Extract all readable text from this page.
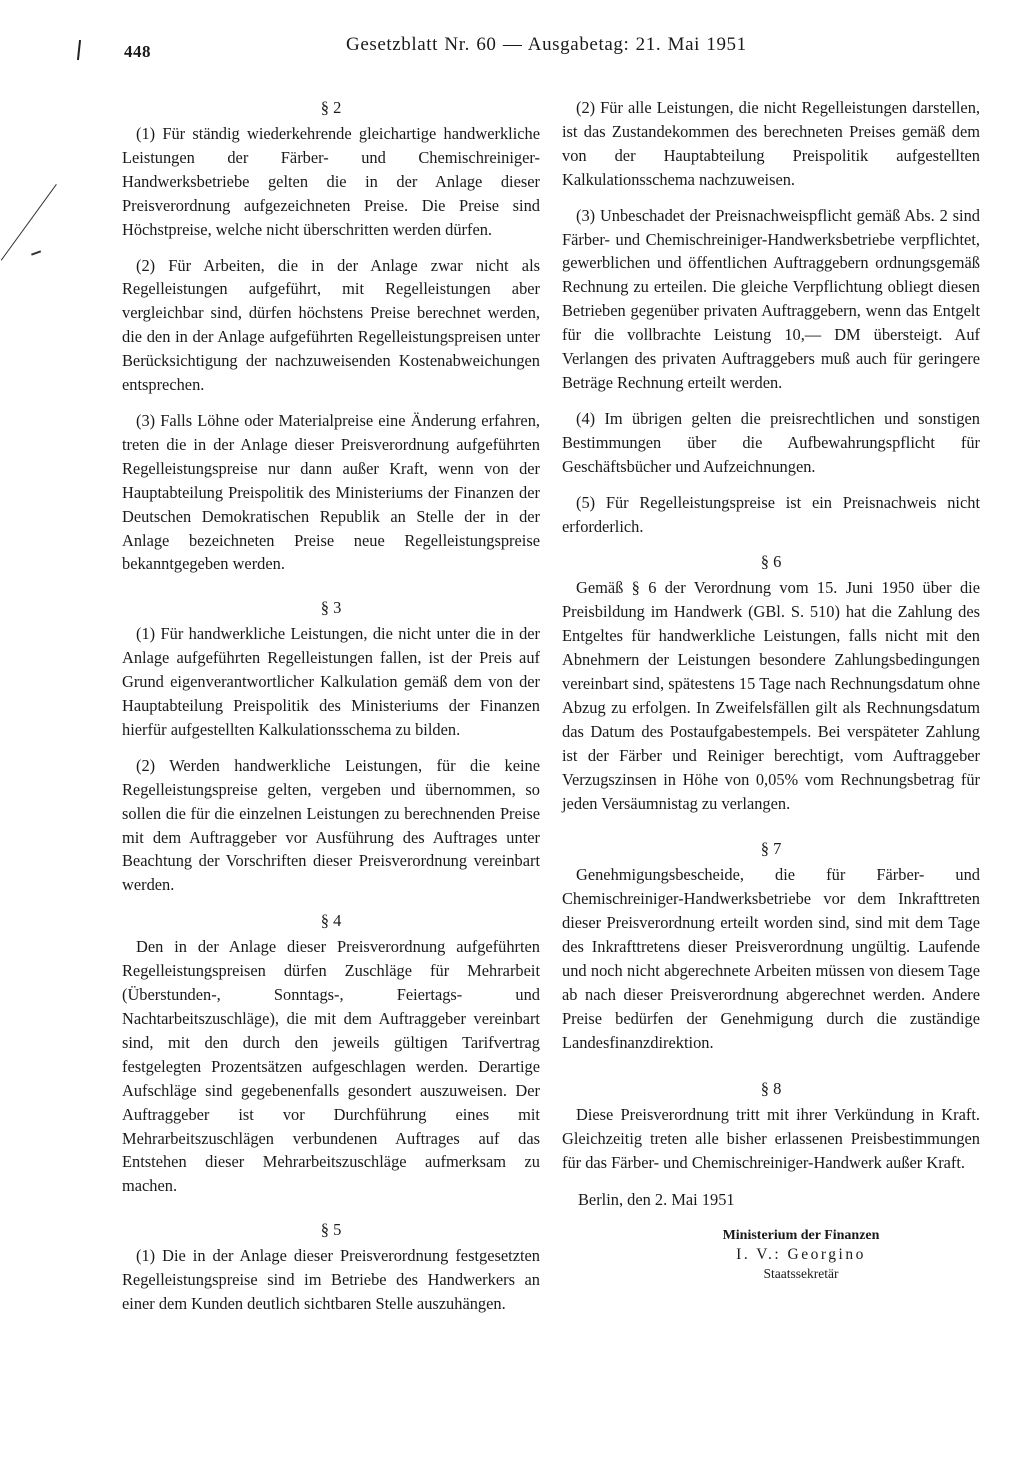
448	Gesetzblatt Nr. 60 — Ausgabetag: 21. Mai 1951
§ 2

(1) Für ständig wiederkehrende gleichartige handwerkliche Leistungen der Färber- und Chemischreiniger-Handwerksbetriebe gelten die in der Anlage dieser Preisverordnung aufgezeichneten Preise. Die Preise sind Höchstpreise, welche nicht überschritten werden dürfen.

(2) Für Arbeiten, die in der Anlage zwar nicht als Regelleistungen aufgeführt, mit Regelleistungen aber vergleichbar sind, dürfen höchstens Preise berechnet werden, die den in der Anlage aufgeführten Regelleistungspreisen unter Berücksichtigung der nachzuweisenden Kostenabweichungen entsprechen.

(3) Falls Löhne oder Materialpreise eine Änderung erfahren, treten die in der Anlage dieser Preisverordnung aufgeführten Regelleistungspreise nur dann außer Kraft, wenn von der Hauptabteilung Preispolitik des Ministeriums der Finanzen der Deutschen Demokratischen Republik an Stelle der in der Anlage bezeichneten Preise neue Regelleistungspreise bekanntgegeben werden.

§ 3

(1) Für handwerkliche Leistungen, die nicht unter die in der Anlage aufgeführten Regelleistungen fallen, ist der Preis auf Grund eigenverantwortlicher Kalkulation gemäß dem von der Hauptabteilung Preispolitik des Ministeriums der Finanzen hierfür aufgestellten Kalkulationsschema zu bilden.

(2) Werden handwerkliche Leistungen, für die keine Regelleistungspreise gelten, vergeben und übernommen, so sollen die für die einzelnen Leistungen zu berechnenden Preise mit dem Auftraggeber vor Ausführung des Auftrages unter Beachtung der Vorschriften dieser Preisverordnung vereinbart werden.

§ 4

Den in der Anlage dieser Preisverordnung aufgeführten Regelleistungspreisen dürfen Zuschläge für Mehrarbeit (Überstunden-, Sonntags-, Feiertags- und Nachtarbeitszuschläge), die mit dem Auftraggeber vereinbart sind, mit den durch den jeweils gültigen Tarifvertrag festgelegten Prozentsätzen aufgeschlagen werden. Derartige Aufschläge sind gegebenenfalls gesondert auszuweisen. Der Auftraggeber ist vor Durchführung eines mit Mehrarbeitszuschlägen verbundenen Auftrages auf das Entstehen dieser Mehrarbeitszuschläge aufmerksam zu machen.

§ 5

(1) Die in der Anlage dieser Preisverordnung festgesetzten Regelleistungspreise sind im Betriebe des Handwerkers an einer dem Kunden deutlich sichtbaren Stelle auszuhängen.

(2) Für alle Leistungen, die nicht Regelleistungen darstellen, ist das Zustandekommen des berechneten Preises gemäß dem von der Hauptabteilung Preispolitik aufgestellten Kalkulationsschema nachzuweisen.

(3) Unbeschadet der Preisnachweispflicht gemäß Abs. 2 sind Färber- und Chemischreiniger-Handwerksbetriebe verpflichtet, gewerblichen und öffentlichen Auftraggebern ordnungsgemäß Rechnung zu erteilen. Die gleiche Verpflichtung obliegt diesen Betrieben gegenüber privaten Auftraggebern, wenn das Entgelt für die vollbrachte Leistung 10,— DM übersteigt. Auf Verlangen des privaten Auftraggebers muß auch für geringere Beträge Rechnung erteilt werden.

(4) Im übrigen gelten die preisrechtlichen und sonstigen Bestimmungen über die Aufbewahrungspflicht für Geschäftsbücher und Aufzeichnungen.

(5) Für Regelleistungspreise ist ein Preisnachweis nicht erforderlich.

§ 6

Gemäß § 6 der Verordnung vom 15. Juni 1950 über die Preisbildung im Handwerk (GBl. S. 510) hat die Zahlung des Entgeltes für handwerkliche Leistungen, falls nicht mit den Abnehmern der Leistungen besondere Zahlungsbedingungen vereinbart sind, spätestens 15 Tage nach Rechnungsdatum ohne Abzug zu erfolgen. In Zweifelsfällen gilt als Rechnungsdatum das Datum des Postaufgabestempels. Bei verspäteter Zahlung ist der Färber und Reiniger berechtigt, vom Auftraggeber Verzugszinsen in Höhe von 0,05% vom Rechnungsbetrag für jeden Versäumnistag zu verlangen.

§ 7

Genehmigungsbescheide, die für Färber- und Chemischreiniger-Handwerksbetriebe vor dem Inkrafttreten dieser Preisverordnung erteilt worden sind, sind mit dem Tage des Inkrafttretens dieser Preisverordnung ungültig. Laufende und noch nicht abgerechnete Arbeiten müssen von diesem Tage ab nach dieser Preisverordnung abgerechnet werden. Andere Preise bedürfen der Genehmigung durch die zuständige Landesfinanzdirektion.

§ 8

Diese Preisverordnung tritt mit ihrer Verkündung in Kraft. Gleichzeitig treten alle bisher erlassenen Preisbestimmungen für das Färber- und Chemischreiniger-Handwerk außer Kraft.

Berlin, den 2. Mai 1951
Ministerium der Finanzen
I. V.: Georgino
Staatssekretär
